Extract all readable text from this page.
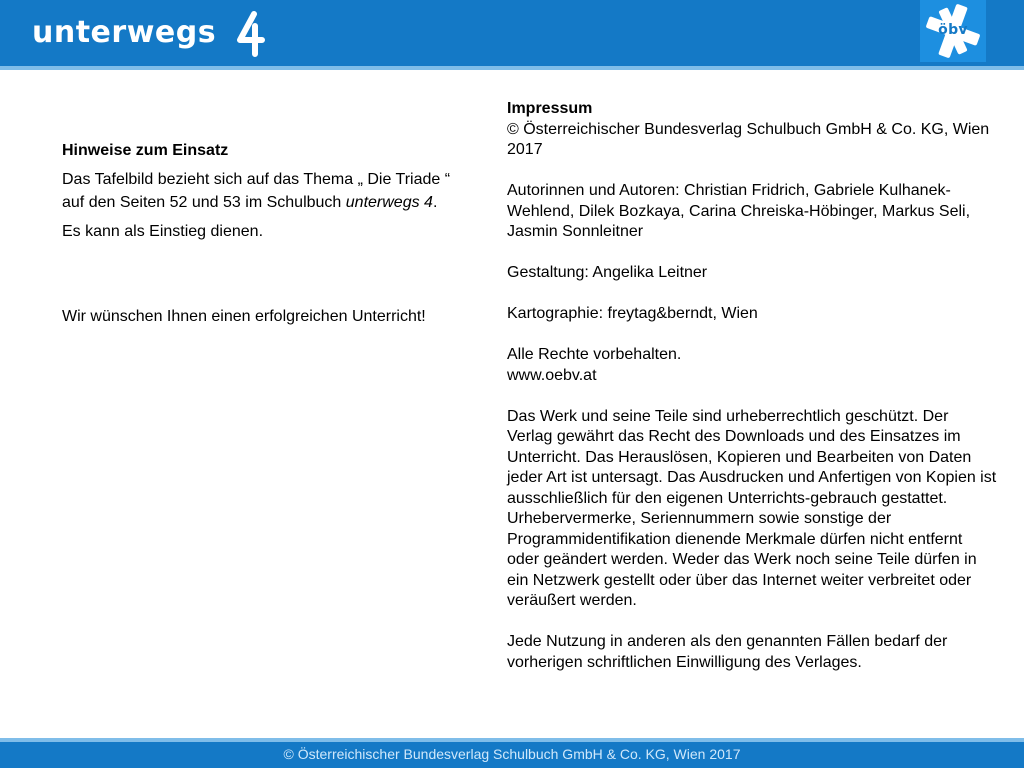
unterwegs	öbv

Hinweise zum Einsatz

Das Tafelbild bezieht sich auf das Thema „ Die Triade “ auf den Seiten 52 und 53 im Schulbuch unterwegs 4.

Es kann als Einstieg dienen.

Wir wünschen Ihnen einen erfolgreichen Unterricht!

Impressum
© Österreichischer Bundesverlag Schulbuch GmbH & Co. KG, Wien 2017

Autorinnen und Autoren: Christian Fridrich, Gabriele Kulhanek-Wehlend, Dilek Bozkaya, Carina Chreiska-Höbinger, Markus Seli, Jasmin Sonnleitner

Gestaltung: Angelika Leitner

Kartographie: freytag&berndt, Wien

Alle Rechte vorbehalten.
www.oebv.at

Das Werk und seine Teile sind urheberrechtlich geschützt. Der Verlag gewährt das Recht des Downloads und des Einsatzes im Unterricht. Das Herauslösen, Kopieren und Bearbeiten von Daten jeder Art ist untersagt. Das Ausdrucken und Anfertigen von Kopien ist ausschließlich für den eigenen Unterrichts-gebrauch gestattet. Urhebervermerke, Seriennummern sowie sonstige der Programmidentifikation dienende Merkmale dürfen nicht entfernt oder geändert werden. Weder das Werk noch seine Teile dürfen in ein Netzwerk gestellt oder über das Internet weiter verbreitet oder veräußert werden.

Jede Nutzung in anderen als den genannten Fällen bedarf der vorherigen schriftlichen Einwilligung des Verlages.

© Österreichischer Bundesverlag Schulbuch GmbH & Co. KG, Wien 2017
